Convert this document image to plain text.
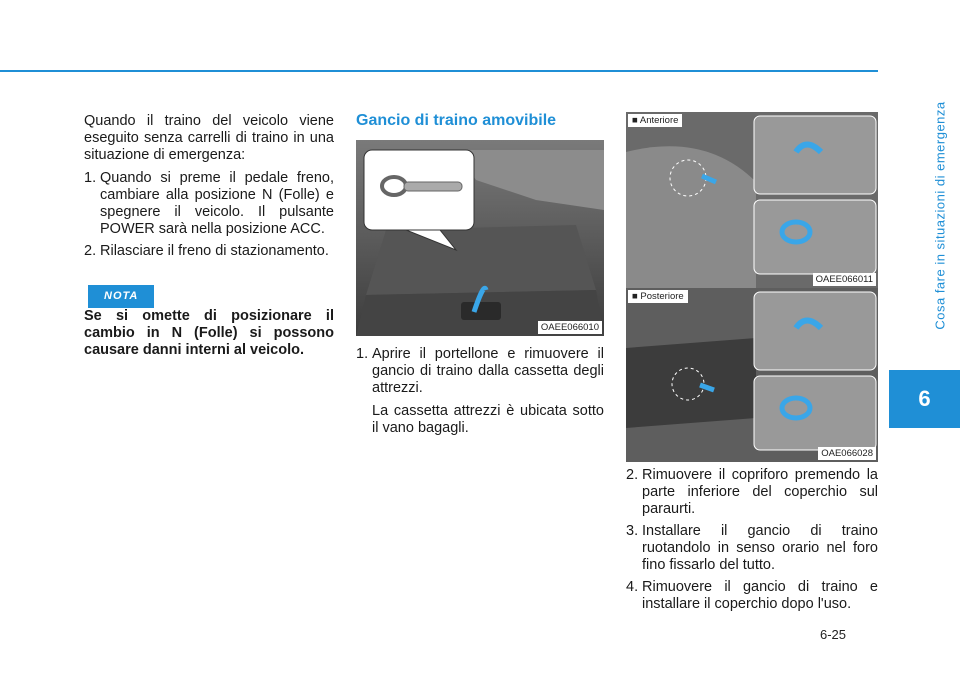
Cosa fare in situazioni di emergenza
6

Quando il traino del veicolo viene eseguito senza carrelli di traino in una situazione di emergenza:

1. Quando si preme il pedale freno, cambiare alla posizione N (Folle) e spegnere il veicolo. Il pulsante POWER sarà nella posizione ACC.
2. Rilasciare il freno di stazionamento.
NOTA

Se si omette di posizionare il cambio in N (Folle) si possono causare danni interni al veicolo.

Gancio di traino amovibile
OAEE066010
1. Aprire il portellone e rimuovere il gancio di traino dalla cassetta degli attrezzi.
La cassetta attrezzi è ubicata sotto il vano bagagli.
■ Anteriore
OAEE066011
■ Posteriore
OAE066028
2. Rimuovere il copriforo premendo la parte inferiore del coperchio sul paraurti.
3. Installare il gancio di traino ruotandolo in senso orario nel foro fino fissarlo del tutto.
4. Rimuovere il gancio di traino e installare il coperchio dopo l'uso.
6-25
